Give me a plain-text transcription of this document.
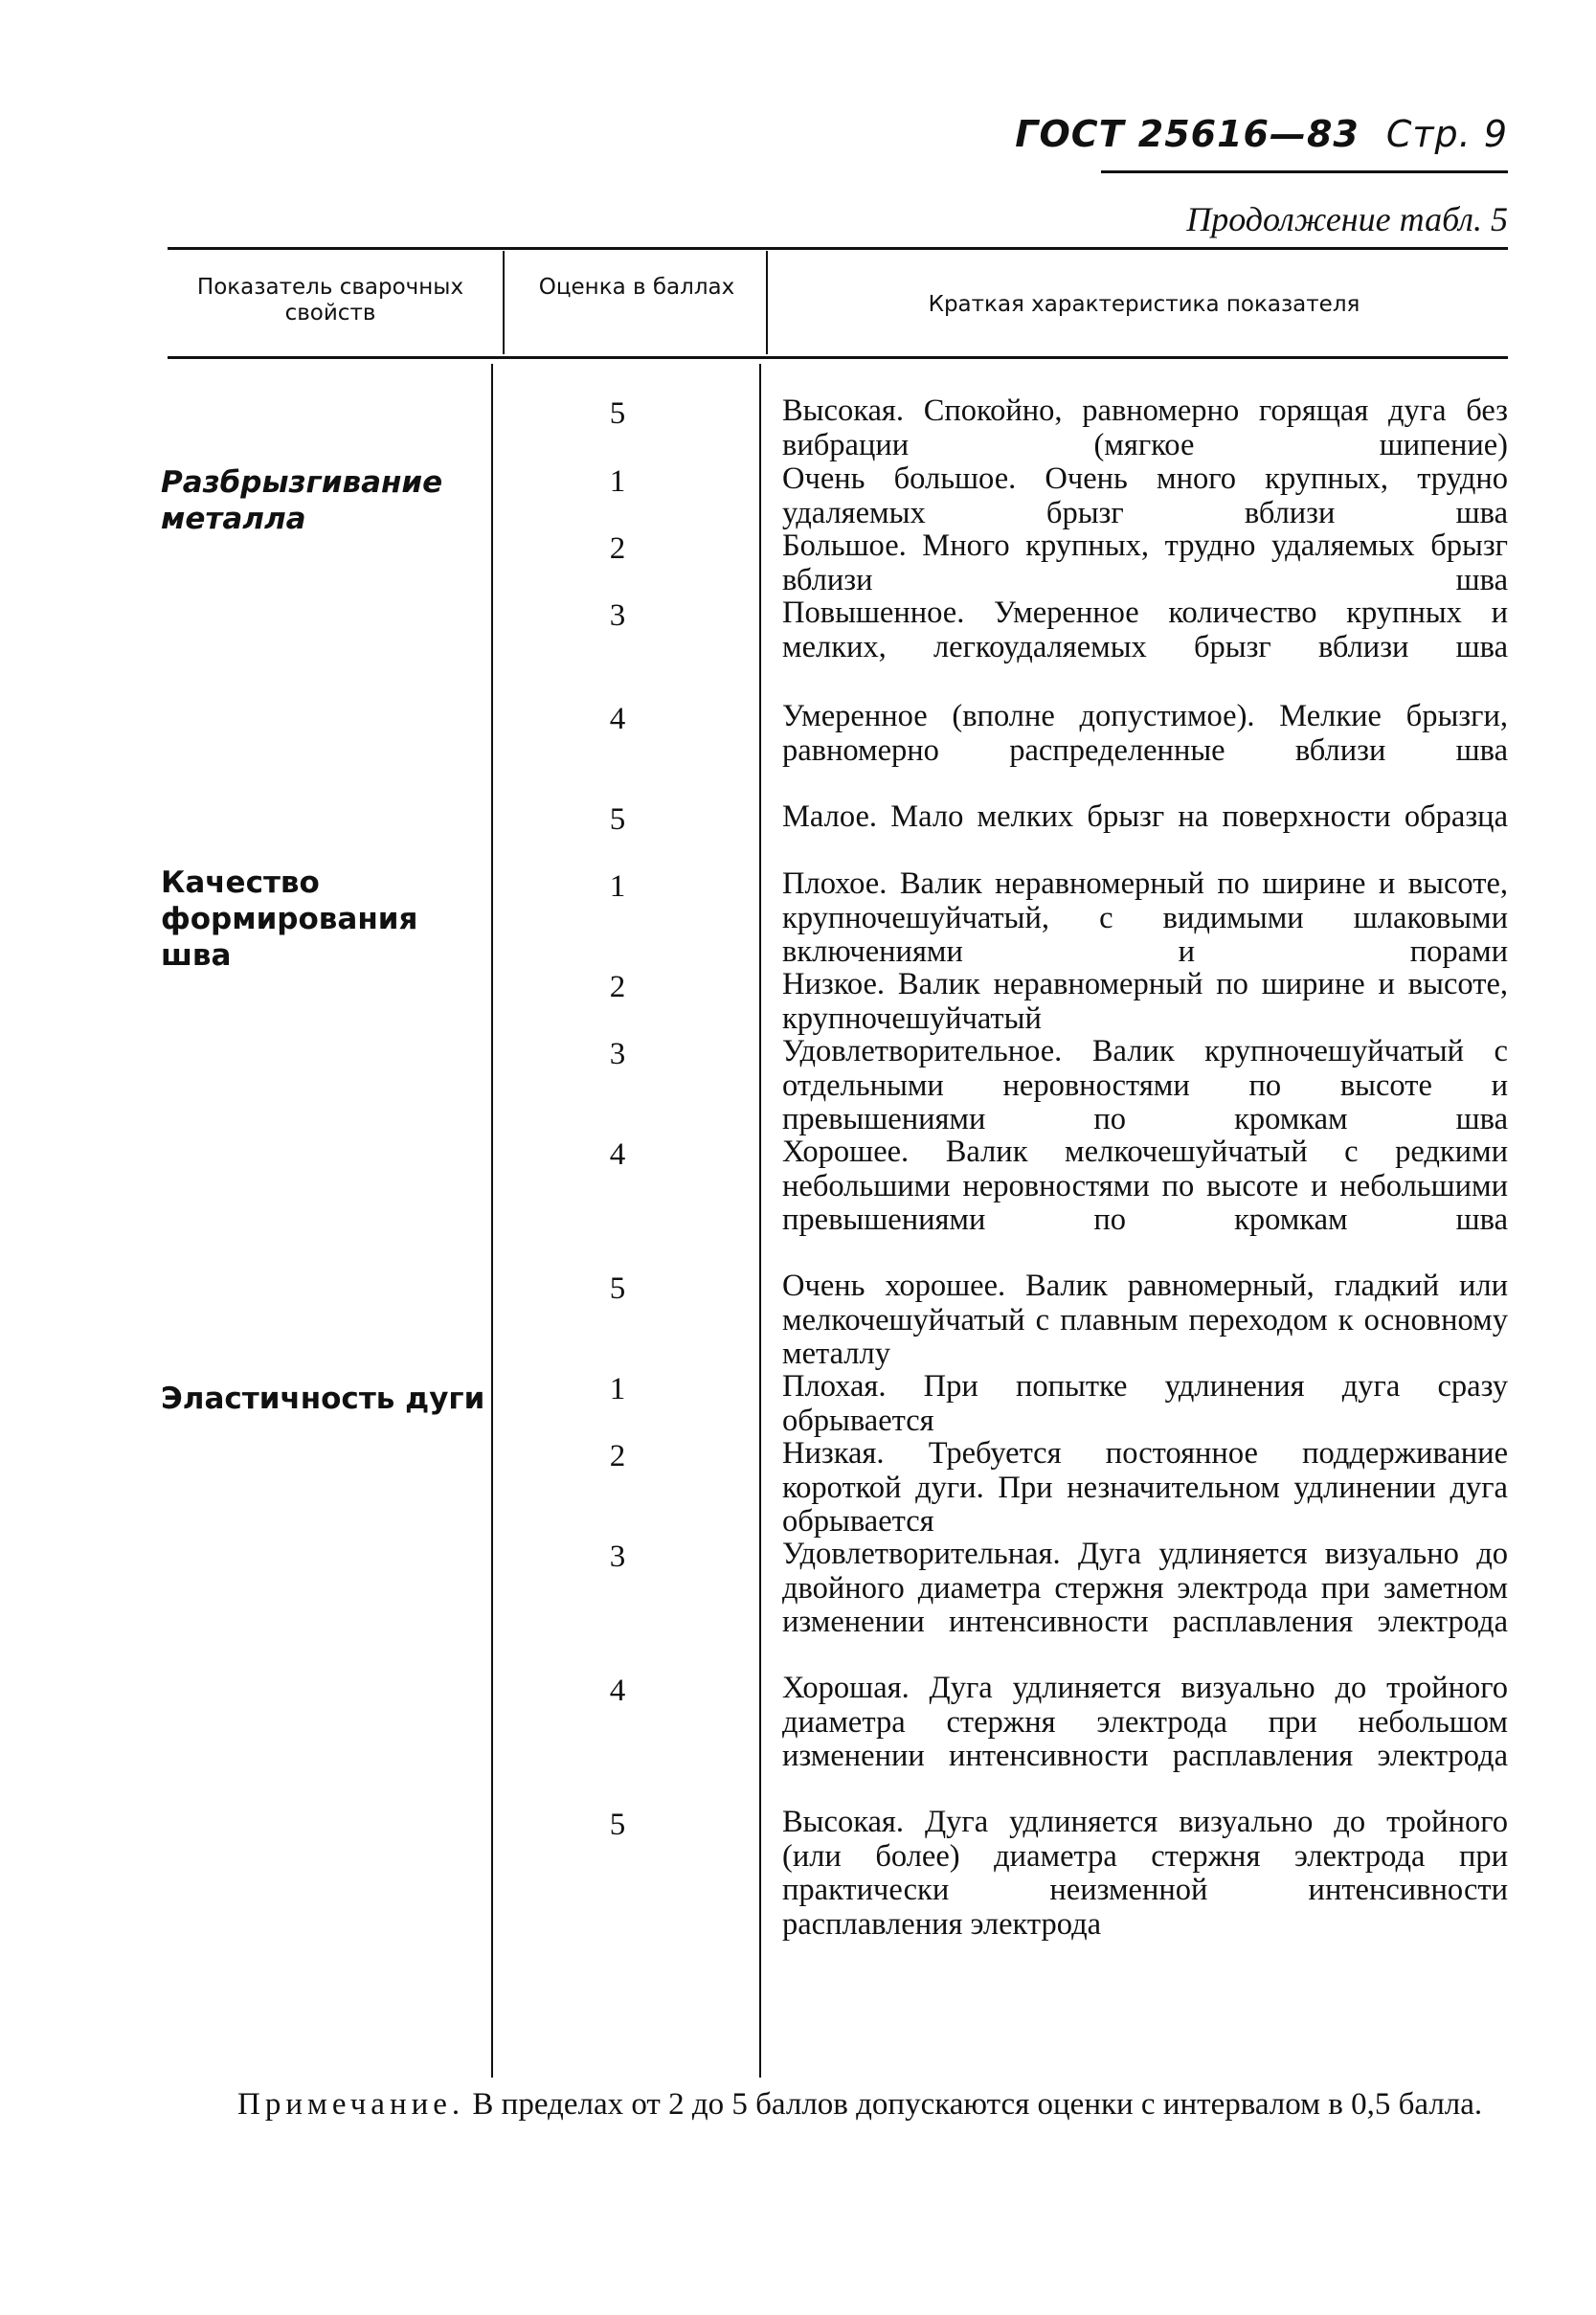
ГОСТ 25616—83 Стр. 9
Продолжение табл. 5
Показатель сварочных свойств
Оценка в баллах
Краткая характеристика показателя
Разбрызгивание металла
Качество формирования шва
Эластичность дуги
5
1
2
3
4
5
1
2
3
4
5
1
2
3
4
5
Высокая. Спокойно, равномерно горящая дуга без вибрации (мягкое шипение)
Очень большое. Очень много крупных, трудно удаляемых брызг вблизи шва
Большое. Много крупных, трудно удаляемых брызг вблизи шва
Повышенное. Умеренное количество крупных и мелких, легкоудаляемых брызг вблизи шва
Умеренное (вполне допустимое). Мелкие брызги, равномерно распределенные вблизи шва
Малое. Мало мелких брызг на поверхности образца
Плохое. Валик неравномерный по ширине и высоте, крупночешуйчатый, с видимыми шлаковыми включениями и порами
Низкое. Валик неравномерный по ширине и высоте, крупночешуйчатый
Удовлетворительное. Валик крупночешуйчатый с отдельными неровностями по высоте и превышениями по кромкам шва
Хорошее. Валик мелкочешуйчатый с редкими небольшими неровностями по высоте и небольшими превышениями по кромкам шва
Очень хорошее. Валик равномерный, гладкий или мелкочешуйчатый с плавным переходом к основному металлу
Плохая. При попытке удлинения дуга сразу обрывается
Низкая. Требуется постоянное поддерживание короткой дуги. При незначительном удлинении дуга обрывается
Удовлетворительная. Дуга удлиняется визуально до двойного диаметра стержня электрода при заметном изменении интенсивности расплавления электрода
Хорошая. Дуга удлиняется визуально до тройного диаметра стержня электрода при небольшом изменении интенсивности расплавления электрода
Высокая. Дуга удлиняется визуально до тройного (или более) диаметра стержня электрода при практически неизменной интенсивности расплавления электрода
Примечание. В пределах от 2 до 5 баллов допускаются оценки с интервалом в 0,5 балла.
